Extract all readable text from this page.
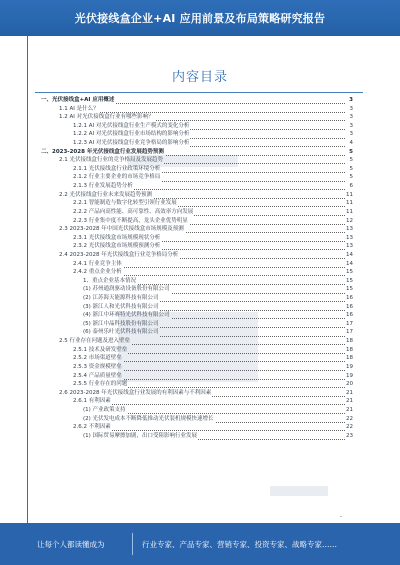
光伏接线盒企业+AI 应用前景及布局策略研究报告
内容目录
一、光伏接线盒+AI 应用概述	3
1.1 AI 是什么？	3
1.2 AI 对光伏接线盒行业有哪些影响？	3
1.2.1 AI 对光伏接线盒行业生产模式的变化分析	3
1.2.2 AI 对光伏接线盒行业市场结构的影响分析	3
1.2.3 AI 对光伏接线盒行业竞争格局的影响分析	4
二、2023-2028 年光伏接线盒行业发展趋势预测	5
2.1 光伏接线盒行业的竞争格局及发展趋势	5
2.1.1 光伏接线盒行业政策环境分析	5
2.1.2 行业主要企业的市场竞争格局	5
2.1.3 行业发展趋势分析	6
2.2 光伏接线盒行业未来发展趋势预测	11
2.2.1 智能制造与数字化转型引领行业发展	11
2.2.2 产品向高性能、高可靠性、高效率方向发展	11
2.2.3 行业集中度不断提高，龙头企业优势明显	12
2.3 2023-2028 年中国光伏接线盒市场规模及预测	13
2.3.1 光伏接线盒市场规模现状分析	13
2.3.2 光伏接线盒市场规模预测分析	13
2.4 2023-2028 年光伏接线盒行业竞争格局分析	14
2.4.1 行业竞争主体	14
2.4.2 重点企业分析	15
1、重点企业基本情况	15
(1) 苏州通润驱动设备股份有限公司	15
(2) 江苏海天能源科技有限公司	16
(3) 浙江人和光伏科技有限公司	16
(4) 浙江中环赛特光伏科技有限公司	16
(5) 浙江中晶科技股份有限公司	17
(6) 泰州乐叶光伏科技有限公司	17
2.5 行业存在问题及进入壁垒	18
2.5.1 技术及研发壁垒	18
2.5.2 市场渠道壁垒	18
2.5.3 资金规模壁垒	19
2.5.4 产品质量壁垒	19
2.5.5 行业存在的问题	20
2.6 2023-2028 年光伏接线盒行业发展的有利因素与不利因素	21
2.6.1 有利因素	21
(1) 产业政策支持	21
(2) 光伏发电成本不断降低推动光伏装机规模快速增长	22
2.6.2 不利因素	22
(1) 国际贸易摩擦加剧，出口受阻影响行业发展	23
-
让每个人都读懂成为	行业专家、产品专家、营销专家、投资专家、战略专家……
